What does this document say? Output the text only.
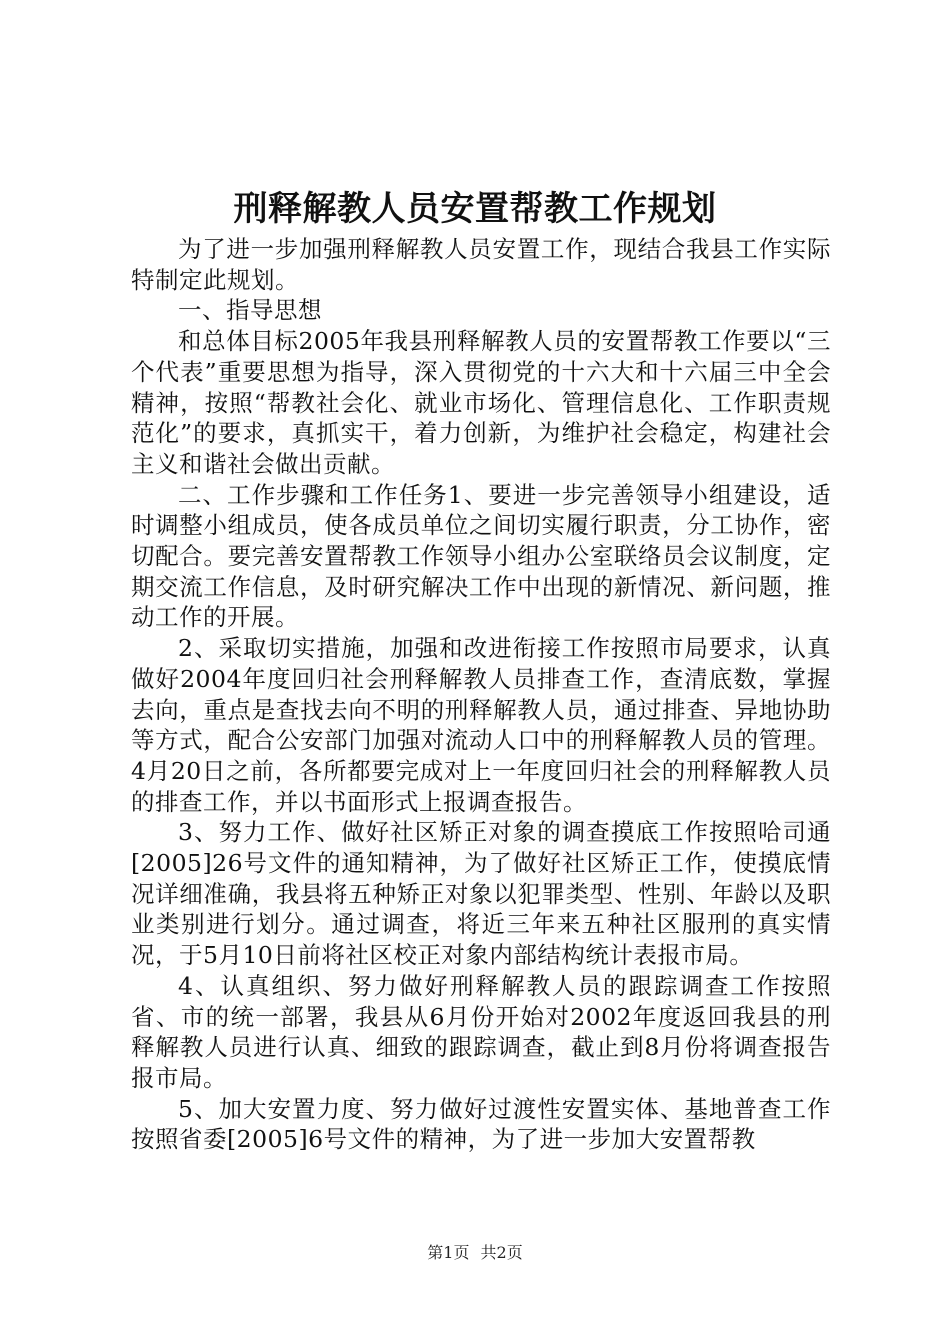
刑释解教人员安置帮教工作规划

为了进一步加强刑释解教人员安置工作，现结合我县工作实际特制定此规划。

一、指导思想

和总体目标2005年我县刑释解教人员的安置帮教工作要以“三个代表”重要思想为指导，深入贯彻党的十六大和十六届三中全会精神，按照“帮教社会化、就业市场化、管理信息化、工作职责规范化”的要求，真抓实干，着力创新，为维护社会稳定，构建社会主义和谐社会做出贡献。

二、工作步骤和工作任务1、要进一步完善领导小组建设，适时调整小组成员，使各成员单位之间切实履行职责，分工协作，密切配合。要完善安置帮教工作领导小组办公室联络员会议制度，定期交流工作信息，及时研究解决工作中出现的新情况、新问题，推动工作的开展。

2、采取切实措施，加强和改进衔接工作按照市局要求，认真做好2004年度回归社会刑释解教人员排查工作，查清底数，掌握去向，重点是查找去向不明的刑释解教人员，通过排查、异地协助等方式，配合公安部门加强对流动人口中的刑释解教人员的管理。4月20日之前，各所都要完成对上一年度回归社会的刑释解教人员的排查工作，并以书面形式上报调查报告。

3、努力工作、做好社区矫正对象的调查摸底工作按照哈司通[2005]26号文件的通知精神，为了做好社区矫正工作，使摸底情况详细准确，我县将五种矫正对象以犯罪类型、性别、年龄以及职业类别进行划分。通过调查，将近三年来五种社区服刑的真实情况，于5月10日前将社区校正对象内部结构统计表报市局。

4、认真组织、努力做好刑释解教人员的跟踪调查工作按照省、市的统一部署，我县从6月份开始对2002年度返回我县的刑释解教人员进行认真、细致的跟踪调查，截止到8月份将调查报告报市局。

5、加大安置力度、努力做好过渡性安置实体、基地普查工作按照省委[2005]6号文件的精神，为了进一步加大安置帮教

第1页 共2页
